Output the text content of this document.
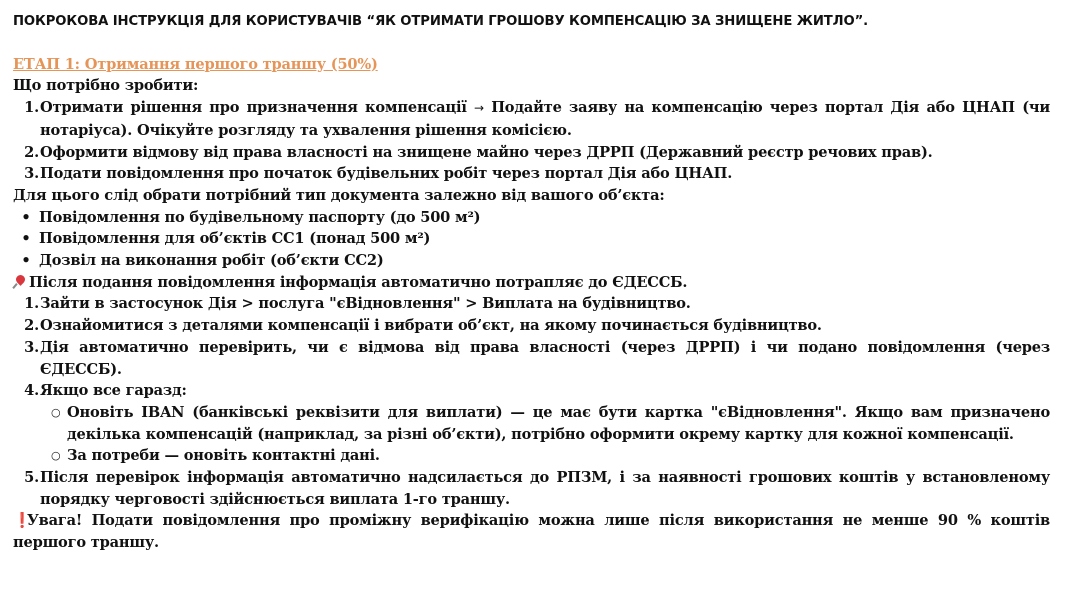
ПОКРОКОВА ІНСТРУКЦІЯ ДЛЯ КОРИСТУВАЧІВ “ЯК ОТРИМАТИ ГРОШОВУ КОМПЕНСАЦІЮ ЗА ЗНИЩЕНЕ ЖИТЛО”.

ЕТАП 1: Отримання першого траншу (50%)

Що потрібно зробити:

1. Отримати рішення про призначення компенсації → Подайте заяву на компенсацію через портал Дія або ЦНАП (чи нотаріуса). Очікуйте розгляду та ухвалення рішення комісією.
2. Оформити відмову від права власності на знищене майно через ДРРП (Державний реєстр речових прав).
3. Подати повідомлення про початок будівельних робіт через портал Дія або ЦНАП.

Для цього слід обрати потрібний тип документа залежно від вашого об’єкта:

• Повідомлення по будівельному паспорту (до 500 м²)
• Повідомлення для об’єктів СС1 (понад 500 м²)
• Дозвіл на виконання робіт (об’єкти СС2)

Після подання повідомлення інформація автоматично потрапляє до ЄДЕССБ.

1. Зайти в застосунок Дія > послуга "єВідновлення" > Виплата на будівництво.
2. Ознайомитися з деталями компенсації і вибрати об’єкт, на якому починається будівництво.
3. Дія автоматично перевірить, чи є відмова від права власності (через ДРРП) і чи подано повідомлення (через ЄДЕССБ).
4. Якщо все гаразд:
○ Оновіть IBAN (банківські реквізити для виплати) — це має бути картка "єВідновлення". Якщо вам призначено декілька компенсацій (наприклад, за різні об’єкти), потрібно оформити окрему картку для кожної компенсації.
○ За потреби — оновіть контактні дані.
5. Після перевірок інформація автоматично надсилається до РПЗМ, і за наявності грошових коштів у встановленому порядку черговості здійснюється виплата 1-го траншу.

❗Увага! Подати повідомлення про проміжну верифікацію можна лише після використання не менше 90 % коштів першого траншу.
